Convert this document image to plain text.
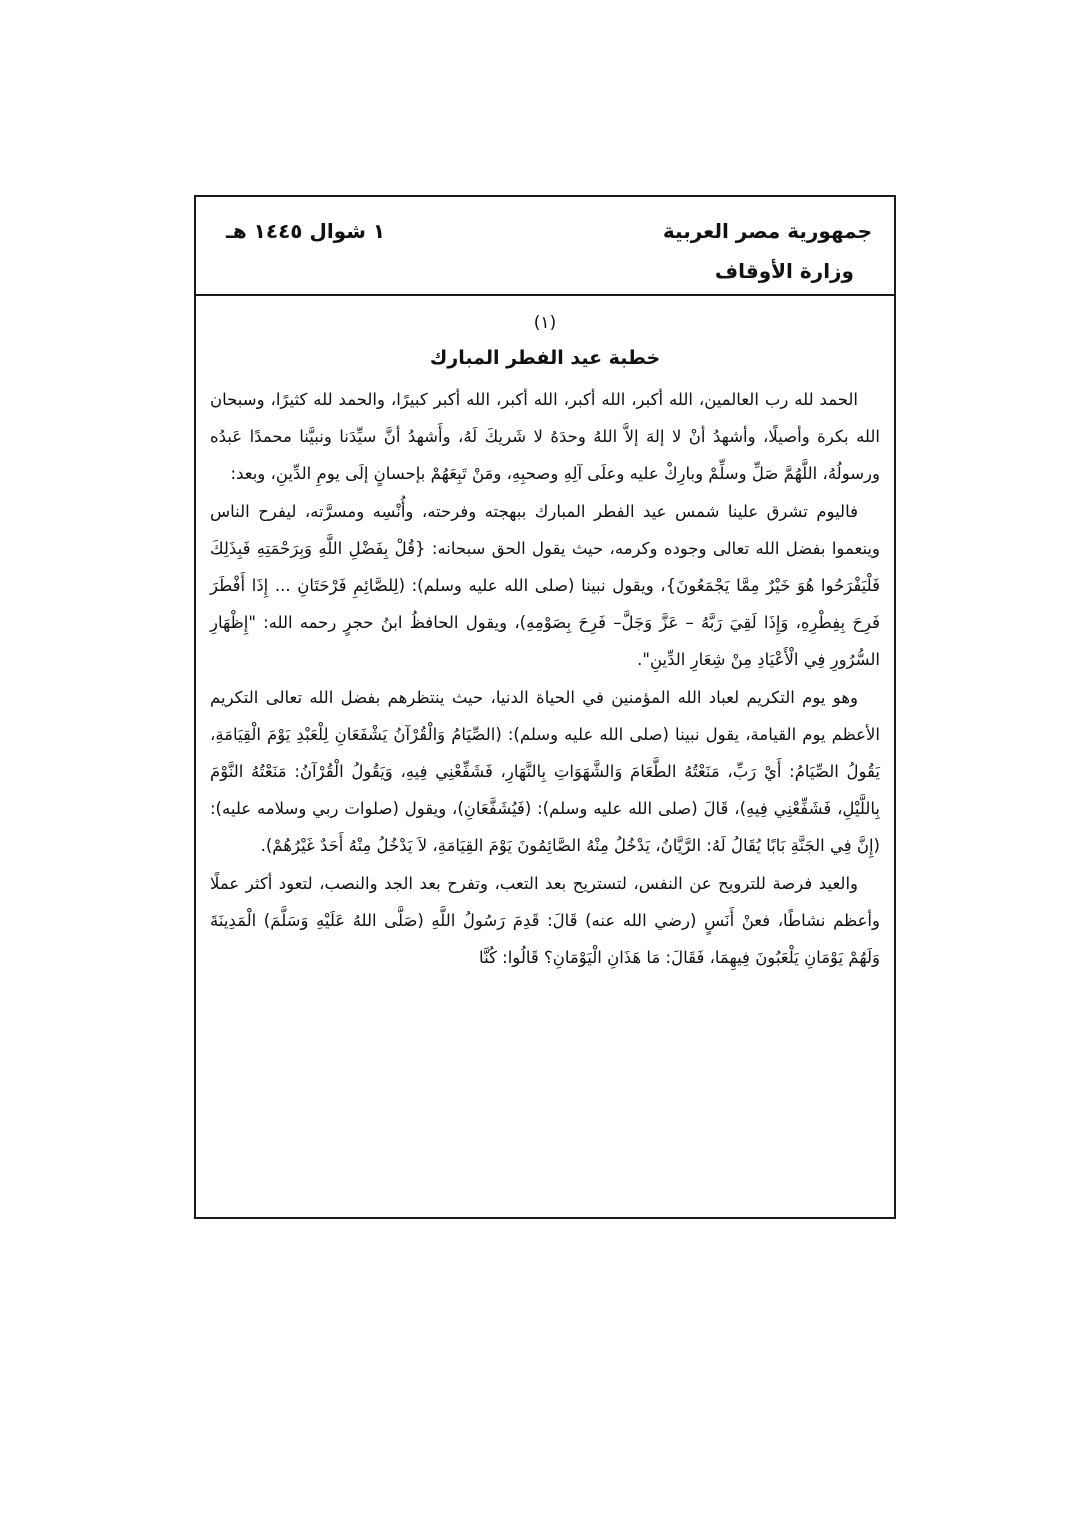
جمهورية مصر العربية
وزارة الأوقاف
١ شوال ١٤٤٥ هـ
(١)
خطبة عيد الفطر المبارك

الحمد لله رب العالمين، الله أكبر، الله أكبر، الله أكبر، الله أكبر كبيرًا، والحمد لله كثيرًا، وسبحان الله بكرة وأصيلًا، وأشهدُ أنْ لا إلهَ إلاَّ اللهُ وحدَهُ لا شَريكَ لَهُ، وأَشهدُ أنَّ سيِّدَنا ونبيَّنا محمدًا عَبدُه ورسولُهُ، اللَّهُمَّ صَلِّ وسلِّمْ وبارِكْ عليه وعلَى آلِهِ وصحبِهِ، ومَنْ تَبِعَهُمْ بإحسانٍ إلَى يومِ الدِّينِ، وبعد:

فاليوم تشرق علينا شمس عيد الفطر المبارك ببهجته وفرحته، وأُنْسِه ومسرَّته، ليفرح الناس وينعموا بفضل الله تعالى وجوده وكرمه، حيث يقول الحق سبحانه: {قُلْ بِفَضْلِ اللَّهِ وَبِرَحْمَتِهِ فَبِذَلِكَ فَلْيَفْرَحُوا هُوَ خَيْرٌ مِمَّا يَجْمَعُونَ}، ويقول نبينا (صلى الله عليه وسلم): (لِلصَّائِمِ فَرْحَتَانِ ... إِذَا أَفْطَرَ فَرِحَ بِفِطْرِهِ، وَإِذَا لَقِيَ رَبَّهُ – عَزَّ وَجَلَّ– فَرِحَ بِصَوْمِهِ)، ويقول الحافظُ ابنُ حجرٍ رحمه الله: "إِظْهَارِ السُّرُورِ فِي الْأَعْيَادِ مِنْ شِعَارِ الدِّينِ".

وهو يوم التكريم لعباد الله المؤمنين في الحياة الدنيا، حيث ينتظرهم بفضل الله تعالى التكريم الأعظم يوم القيامة، يقول نبينا (صلى الله عليه وسلم): (الصِّيَامُ وَالْقُرْآنُ يَشْفَعَانِ لِلْعَبْدِ يَوْمَ الْقِيَامَةِ، يَقُولُ الصِّيَامُ: أَيْ رَبِّ، مَنَعْتُهُ الطَّعَامَ وَالشَّهَوَاتِ بِالنَّهَارِ، فَشَفِّعْنِي فِيهِ، وَيَقُولُ الْقُرْآنُ: مَنَعْتُهُ النَّوْمَ بِاللَّيْلِ، فَشَفِّعْنِي فِيهِ)، قَالَ (صلى الله عليه وسلم): (فَيُشَفَّعَانِ)، ويقول (صلوات ربي وسلامه عليه): (إِنَّ فِي الجَنَّةِ بَابًا يُقَالُ لَهُ: الرَّيَّانُ، يَدْخُلُ مِنْهُ الصَّائِمُونَ يَوْمَ القِيَامَةِ، لاَ يَدْخُلُ مِنْهُ أَحَدٌ غَيْرُهُمْ).

والعيد فرصة للترويح عن النفس، لتستريح بعد التعب، وتفرح بعد الجد والنصب، لتعود أكثر عملًا وأعظم نشاطًا، فعنْ أَنَسٍ (رضي الله عنه) قَالَ: قَدِمَ رَسُولُ اللَّهِ (صَلَّى اللهُ عَلَيْهِ وَسَلَّمَ) الْمَدِينَةَ وَلَهُمْ يَوْمَانِ يَلْعَبُونَ فِيهِمَا، فَقَالَ: مَا هَذَانِ الْيَوْمَانِ؟ قَالُوا: كُنَّا
